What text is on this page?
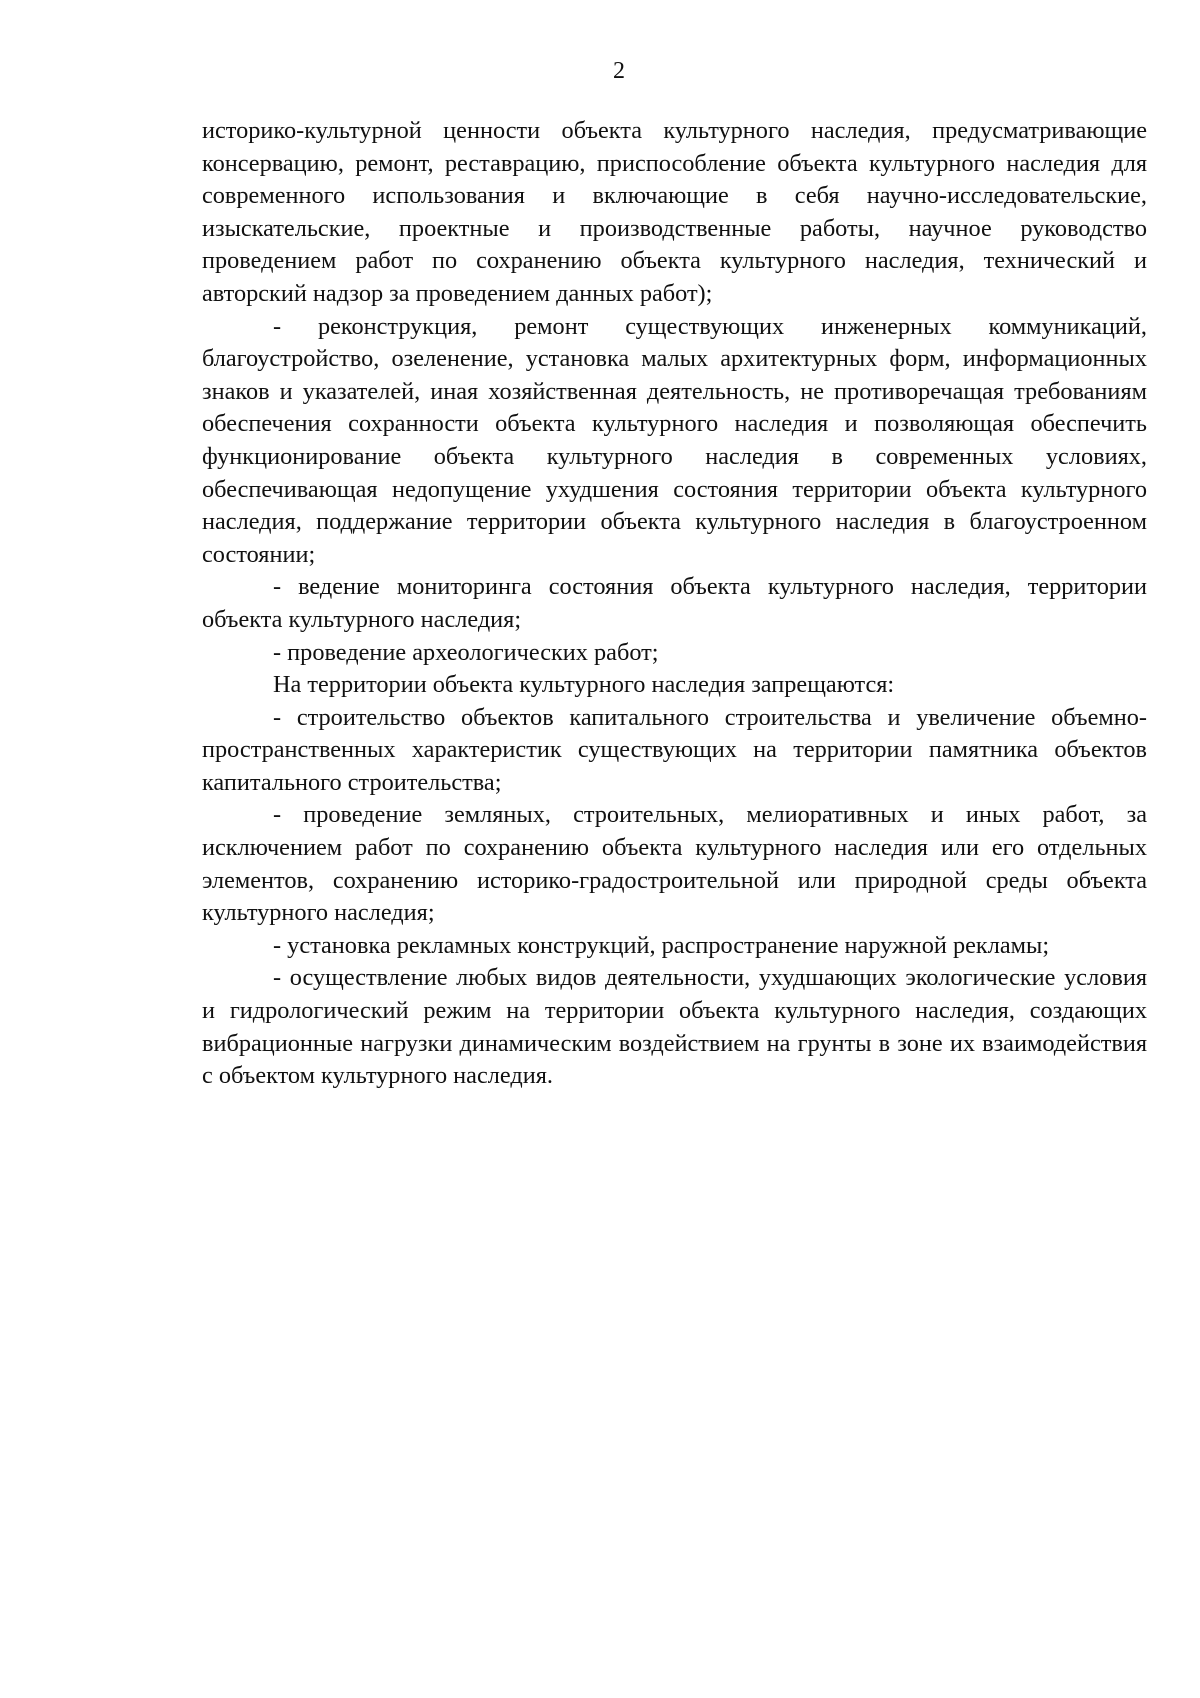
2

историко-культурной ценности объекта культурного наследия, предусматривающие консервацию, ремонт, реставрацию, приспособление объекта культурного наследия для современного использования и включающие в себя научно-исследовательские, изыскательские, проектные и производственные работы, научное руководство проведением работ по сохранению объекта культурного наследия, технический и авторский надзор за проведением данных работ);

- реконструкция, ремонт существующих инженерных коммуникаций, благоустройство, озеленение, установка малых архитектурных форм, информационных знаков и указателей, иная хозяйственная деятельность, не противоречащая требованиям обеспечения сохранности объекта культурного наследия и позволяющая обеспечить функционирование объекта культурного наследия в современных условиях, обеспечивающая недопущение ухудшения состояния территории объекта культурного наследия, поддержание территории объекта культурного наследия в благоустроенном состоянии;

- ведение мониторинга состояния объекта культурного наследия, территории объекта культурного наследия;

- проведение археологических работ;

На территории объекта культурного наследия запрещаются:

- строительство объектов капитального строительства и увеличение объемно-пространственных характеристик существующих на территории памятника объектов капитального строительства;

- проведение земляных, строительных, мелиоративных и иных работ, за исключением работ по сохранению объекта культурного наследия или его отдельных элементов, сохранению историко-градостроительной или природной среды объекта культурного наследия;

- установка рекламных конструкций, распространение наружной рекламы;

- осуществление любых видов деятельности, ухудшающих экологические условия и гидрологический режим на территории объекта культурного наследия, создающих вибрационные нагрузки динамическим воздействием на грунты в зоне их взаимодействия с объектом культурного наследия.
